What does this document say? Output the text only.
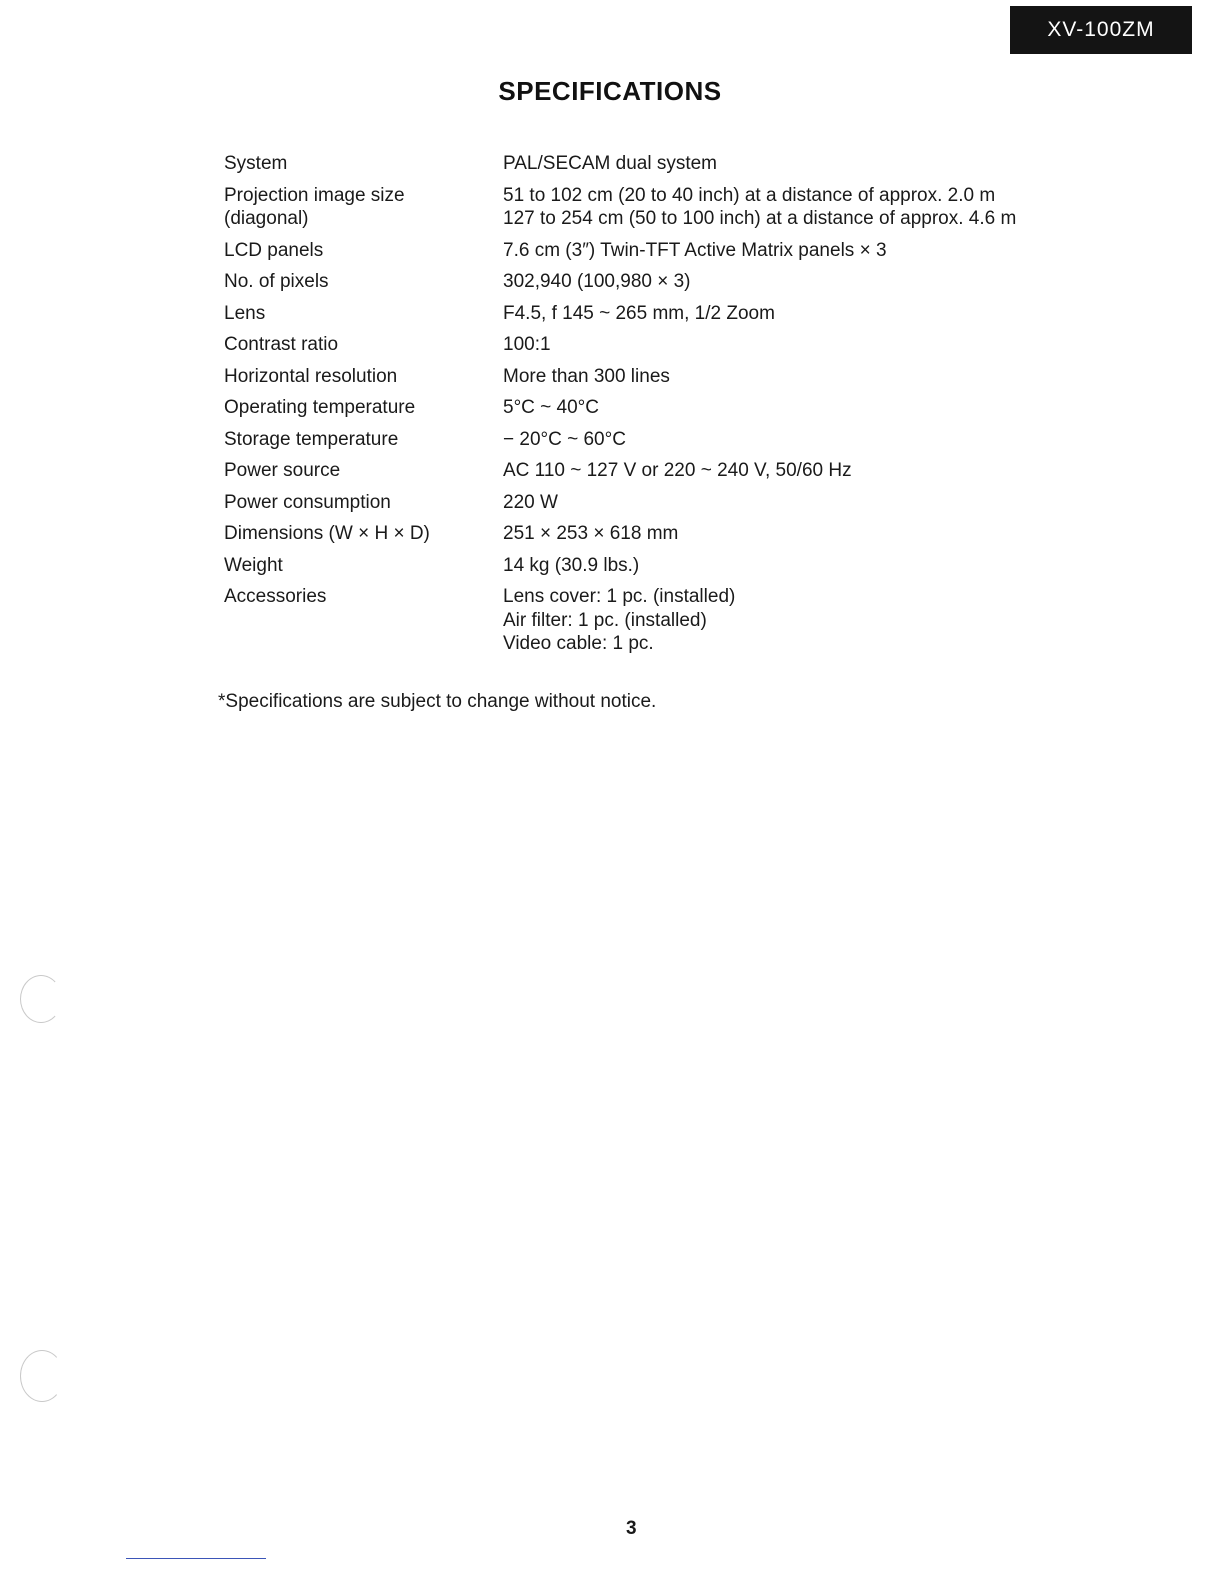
XV-100ZM
SPECIFICATIONS
System	PAL/SECAM dual system

Projection image size
(diagonal)	51 to 102 cm (20 to 40 inch) at a distance of approx. 2.0 m
127 to 254 cm (50 to 100 inch) at a distance of approx. 4.6 m

LCD panels	7.6 cm (3″) Twin-TFT Active Matrix panels × 3

No. of pixels	302,940 (100,980 × 3)

Lens	F4.5, f 145 ~ 265 mm, 1/2 Zoom

Contrast ratio	100:1

Horizontal resolution	More than 300 lines

Operating temperature	5°C ~ 40°C

Storage temperature	− 20°C ~ 60°C

Power source	AC 110 ~ 127 V or 220 ~ 240 V, 50/60 Hz

Power consumption	220 W

Dimensions (W × H × D)	251 × 253 × 618 mm

Weight	14 kg (30.9 lbs.)

Accessories	Lens cover: 1 pc. (installed)
Air filter: 1 pc. (installed)
Video cable: 1 pc.
*Specifications are subject to change without notice.
3
